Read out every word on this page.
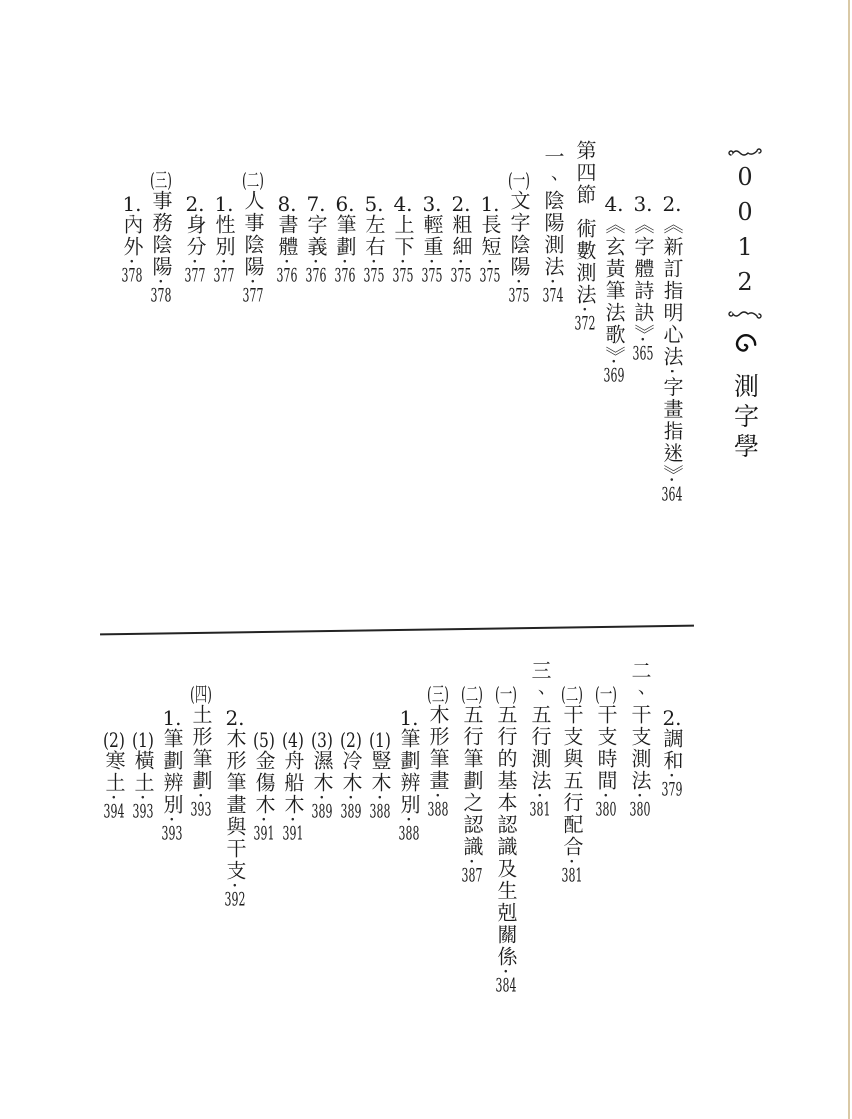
0012
測字學
2.《新訂指明心法‧字畫指迷》·364
3.《字體詩訣》·365
4.《玄黃筆法歌》·369
第四節術數測法·372
一、陰陽測法·374
(一)文字陰陽·375
1.長短·375
2.粗細·375
3.輕重·375
4.上下·375
5.左右·375
6.筆劃·376
7.字義·376
8.書體·376
(二)人事陰陽·377
1.性別·377
2.身分·377
(三)事務陰陽·378
1.內外·378
2.調和·379
二、干支測法·380
(一)干支時間·380
(二)干支與五行配合·381
三、五行測法·381
(一)五行的基本認識及生剋關係·384
(二)五行筆劃之認識·387
(三)木形筆畫·388
1.筆劃辨別·388
(1)豎木·388
(2)冷木·389
(3)濕木·389
(4)舟船木·391
(5)金傷木·391
2.木形筆畫與干支·392
(四)土形筆劃·393
1.筆劃辨別·393
(1)橫土·393
(2)寒土·394
